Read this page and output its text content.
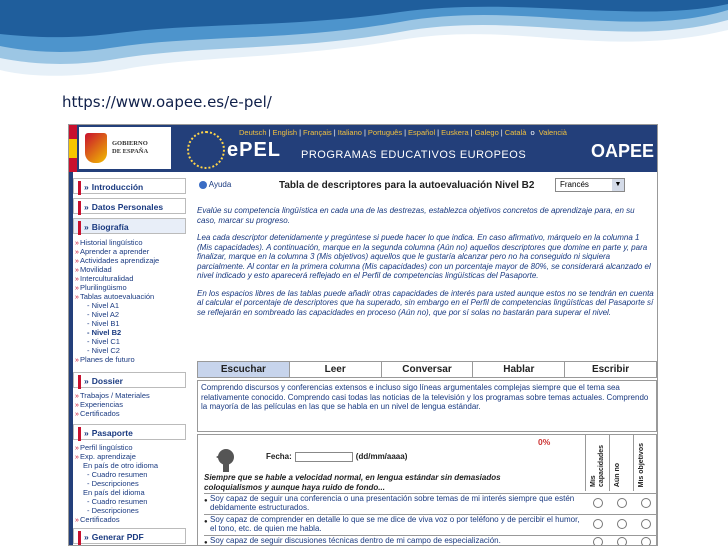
https://www.oapee.es/e-pel/
GOBIERNO
DE ESPAÑA
Deutsch | English | Français | Italiano | Português | Español | Euskera | Galego | Català o Valencià
ePEL PROGRAMAS EDUCATIVOS EUROPEOS	OAPEE
» Introducción
» Datos Personales
» Biografía
»Historial lingüístico
»Aprender a aprender
»Actividades aprendizaje
»Movilidad
»Interculturalidad
»Plurilingüismo
»Tablas autoevaluación
- Nivel A1
- Nivel A2
- Nivel B1
- Nivel B2
- Nivel C1
- Nivel C2
»Planes de futuro
» Dossier
»Trabajos / Materiales
»Experiencias
»Certificados
» Pasaporte
»Perfil lingüístico
»Exp. aprendizaje
En país de otro idioma
- Cuadro resumen
- Descripciones
En país del idioma
- Cuadro resumen
- Descripciones
»Certificados
» Generar PDF
Ayuda	Tabla de descriptores para la autoevaluación Nivel B2	Francés	▼

Evalúe su competencia lingüística en cada una de las destrezas, establezca objetivos concretos de aprendizaje para, en su caso, marcar su progreso.

Lea cada descriptor detenidamente y pregúntese si puede hacer lo que indica. En caso afirmativo, márquelo en la columna 1 (Mis capacidades). A continuación, marque en la segunda columna (Aún no) aquellos descriptores que domine en parte y, para finalizar, marque en la columna 3 (Mis objetivos) aquellos que le gustaría alcanzar pero no ha conseguido ni siquiera parcialmente. Al contar en la primera columna (Mis capacidades) con un porcentaje mayor de 80%, se considerará alcanzado el nivel indicado y esto aparecerá reflejado en el Perfil de competencias lingüísticas del Pasaporte.

En los espacios libres de las tablas puede añadir otras capacidades de interés para usted aunque estos no se tendrán en cuenta al calcular el porcentaje de descriptores que ha superado, sin embargo en el Perfil de competencias lingüísticas del Pasaporte sí se reflejarán en sombreado las capacidades en proceso (Aún no), que por sí solas no bastarán para superar el nivel.

Escuchar	Leer	Conversar	Hablar	Escribir
Comprendo discursos y conferencias extensos e incluso sigo líneas argumentales complejas siempre que el tema sea relativamente conocido. Comprendo casi todas las noticias de la televisión y los programas sobre temas actuales. Comprendo la mayoría de las películas en las que se habla en un nivel de lengua estándar.
0%
Fecha:	(dd/mm/aaaa)
Siempre que se hable a velocidad normal, en lengua estándar sin demasiados coloquialismos y aunque haya ruido de fondo...	Mis capacidades Aún no Mis objetivos
● Soy capaz de seguir una conferencia o una presentación sobre temas de mi interés siempre que estén debidamente estructurados.
● Soy capaz de comprender en detalle lo que se me dice de viva voz o por teléfono y de percibir el humor, el tono, etc. de quien me habla.
● Soy capaz de seguir discusiones técnicas dentro de mi campo de especialización.
